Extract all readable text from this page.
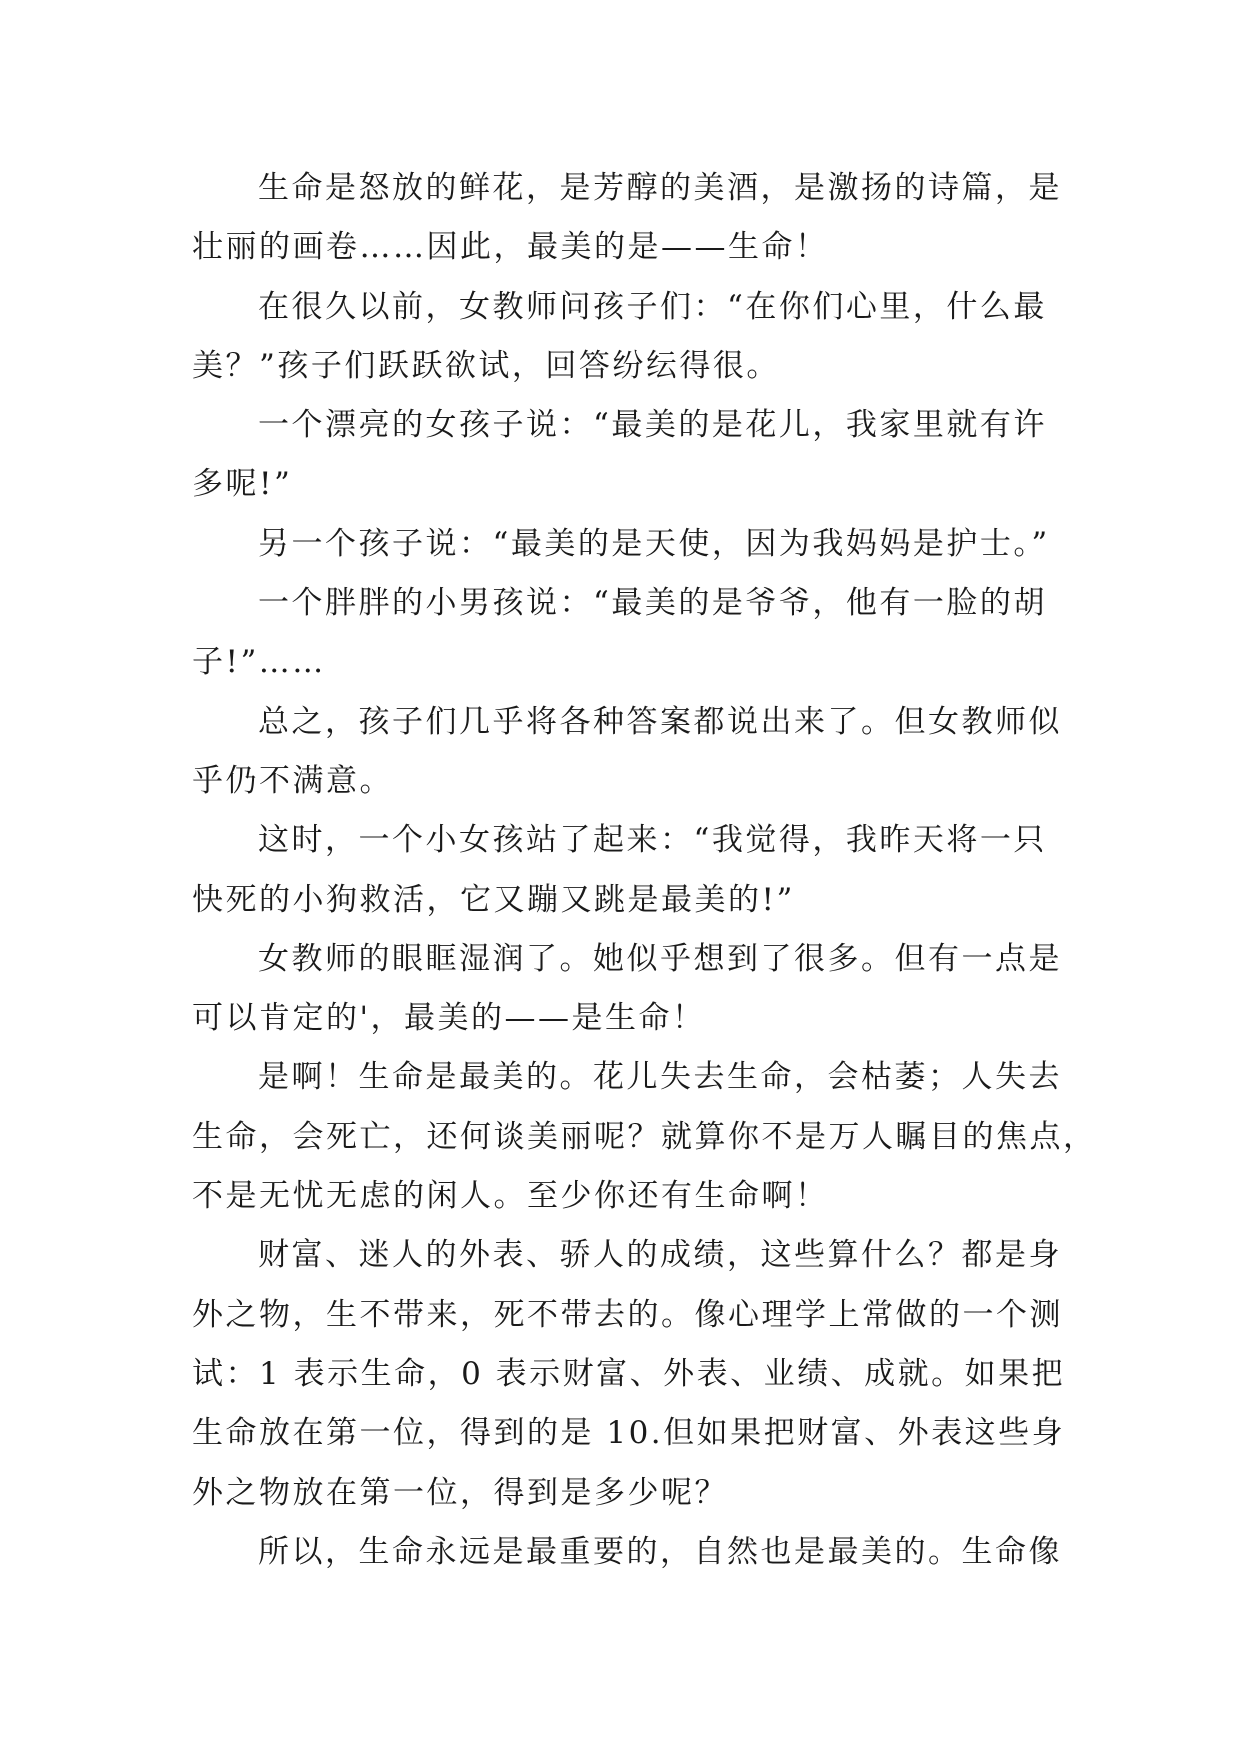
生命是怒放的鲜花，是芳醇的美酒，是激扬的诗篇，是
壮丽的画卷……因此，最美的是——生命！
在很久以前，女教师问孩子们：“在你们心里，什么最
美？”孩子们跃跃欲试，回答纷纭得很。
一个漂亮的女孩子说：“最美的是花儿，我家里就有许
多呢!”
另一个孩子说：“最美的是天使，因为我妈妈是护士。”
一个胖胖的小男孩说：“最美的是爷爷，他有一脸的胡
子!”……
总之，孩子们几乎将各种答案都说出来了。但女教师似
乎仍不满意。
这时，一个小女孩站了起来：“我觉得，我昨天将一只
快死的小狗救活，它又蹦又跳是最美的!”
女教师的眼眶湿润了。她似乎想到了很多。但有一点是
可以肯定的'，最美的——是生命！
是啊！生命是最美的。花儿失去生命，会枯萎；人失去
生命，会死亡，还何谈美丽呢？就算你不是万人瞩目的焦点，
不是无忧无虑的闲人。至少你还有生命啊！
财富、迷人的外表、骄人的成绩，这些算什么？都是身
外之物，生不带来，死不带去的。像心理学上常做的一个测
试：1 表示生命，0 表示财富、外表、业绩、成就。如果把
生命放在第一位，得到的是 10.但如果把财富、外表这些身
外之物放在第一位，得到是多少呢？
所以，生命永远是最重要的，自然也是最美的。生命像
